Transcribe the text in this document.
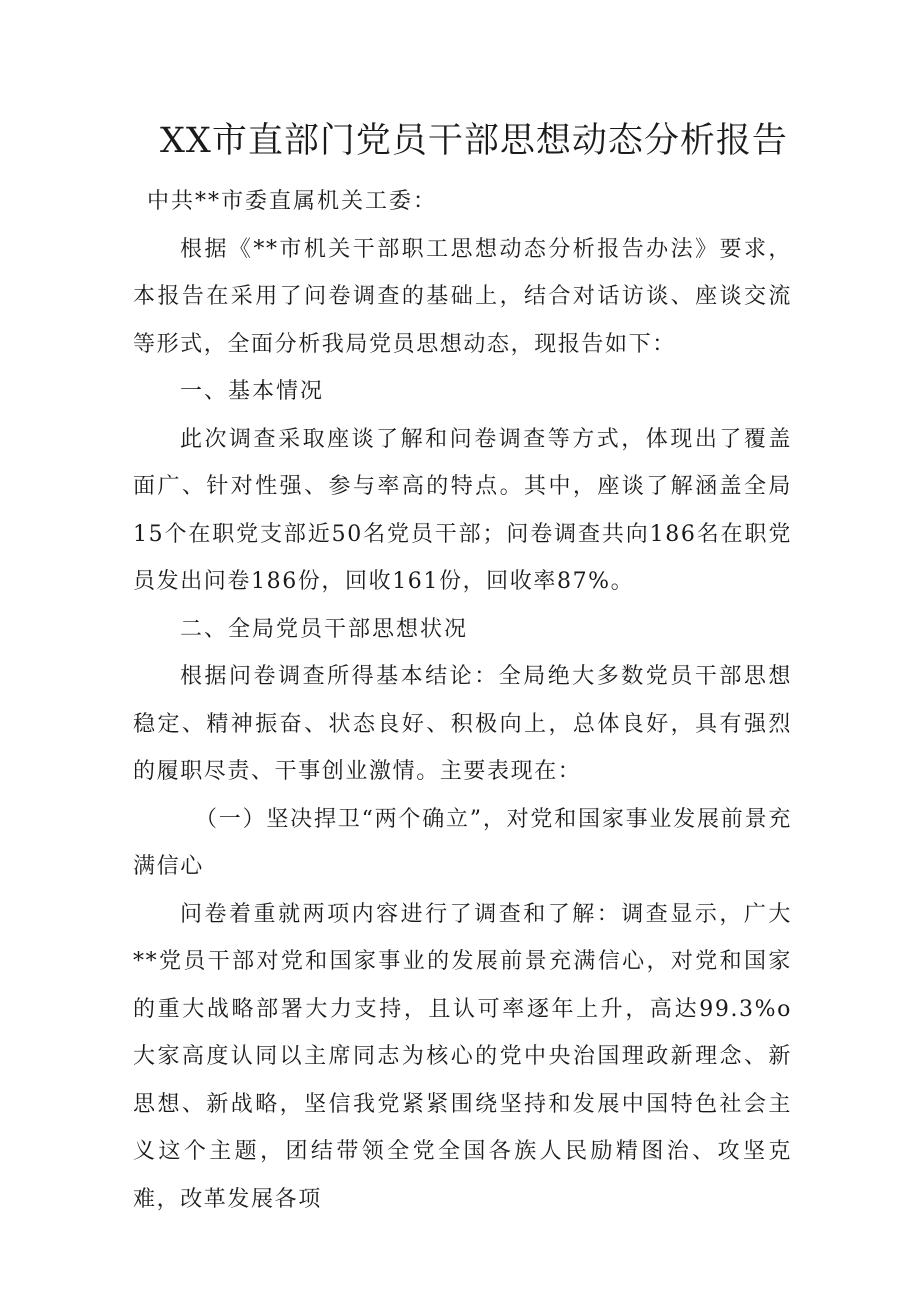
XX市直部门党员干部思想动态分析报告

中共**市委直属机关工委：

根据《**市机关干部职工思想动态分析报告办法》要求，本报告在采用了问卷调查的基础上，结合对话访谈、座谈交流等形式，全面分析我局党员思想动态，现报告如下：

一、基本情况

此次调查采取座谈了解和问卷调查等方式，体现出了覆盖面广、针对性强、参与率高的特点。其中，座谈了解涵盖全局15个在职党支部近50名党员干部；问卷调查共向186名在职党员发出问卷186份，回收161份，回收率87%。

二、全局党员干部思想状况

根据问卷调查所得基本结论：全局绝大多数党员干部思想稳定、精神振奋、状态良好、积极向上，总体良好，具有强烈的履职尽责、干事创业激情。主要表现在：

（一）坚决捍卫“两个确立”，对党和国家事业发展前景充满信心

问卷着重就两项内容进行了调查和了解：调查显示，广大**党员干部对党和国家事业的发展前景充满信心，对党和国家的重大战略部署大力支持，且认可率逐年上升，高达99.3%o大家高度认同以主席同志为核心的党中央治国理政新理念、新思想、新战略，坚信我党紧紧围绕坚持和发展中国特色社会主义这个主题，团结带领全党全国各族人民励精图治、攻坚克难，改革发展各项
